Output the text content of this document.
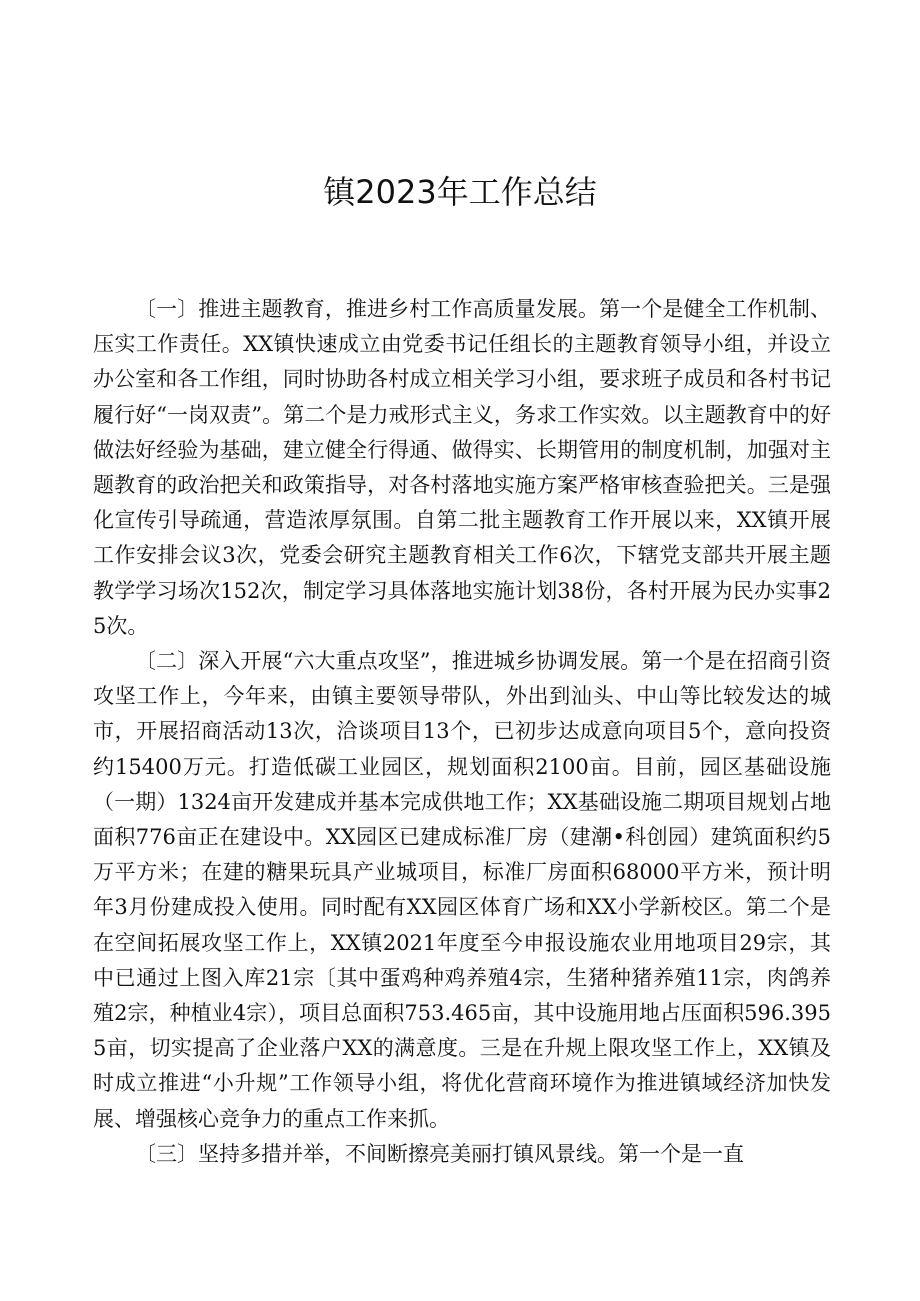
镇2023年工作总结

〔一〕推进主题教育，推进乡村工作高质量发展。第一个是健全工作机制、压实工作责任。XX镇快速成立由党委书记任组长的主题教育领导小组，并设立办公室和各工作组，同时协助各村成立相关学习小组，要求班子成员和各村书记履行好“一岗双责”。第二个是力戒形式主义，务求工作实效。以主题教育中的好做法好经验为基础，建立健全行得通、做得实、长期管用的制度机制，加强对主题教育的政治把关和政策指导，对各村落地实施方案严格审核查验把关。三是强化宣传引导疏通，营造浓厚氛围。自第二批主题教育工作开展以来，XX镇开展工作安排会议3次，党委会研究主题教育相关工作6次，下辖党支部共开展主题教学学习场次152次，制定学习具体落地实施计划38份，各村开展为民办实事25次。

〔二〕深入开展“六大重点攻坚”，推进城乡协调发展。第一个是在招商引资攻坚工作上，今年来，由镇主要领导带队，外出到汕头、中山等比较发达的城市，开展招商活动13次，洽谈项目13个，已初步达成意向项目5个，意向投资约15400万元。打造低碳工业园区，规划面积2100亩。目前，园区基础设施（一期）1324亩开发建成并基本完成供地工作；XX基础设施二期项目规划占地面积776亩正在建设中。XX园区已建成标准厂房（建潮•科创园）建筑面积约5万平方米；在建的糖果玩具产业城项目，标准厂房面积68000平方米，预计明年3月份建成投入使用。同时配有XX园区体育广场和XX小学新校区。第二个是在空间拓展攻坚工作上，XX镇2021年度至今申报设施农业用地项目29宗，其中已通过上图入库21宗〔其中蛋鸡种鸡养殖4宗，生猪种猪养殖11宗，肉鸽养殖2宗，种植业4宗），项目总面积753.465亩，其中设施用地占压面积596.3955亩，切实提高了企业落户XX的满意度。三是在升规上限攻坚工作上，XX镇及时成立推进“小升规”工作领导小组，将优化营商环境作为推进镇域经济加快发展、增强核心竞争力的重点工作来抓。

〔三〕坚持多措并举，不间断擦亮美丽打镇风景线。第一个是一直
